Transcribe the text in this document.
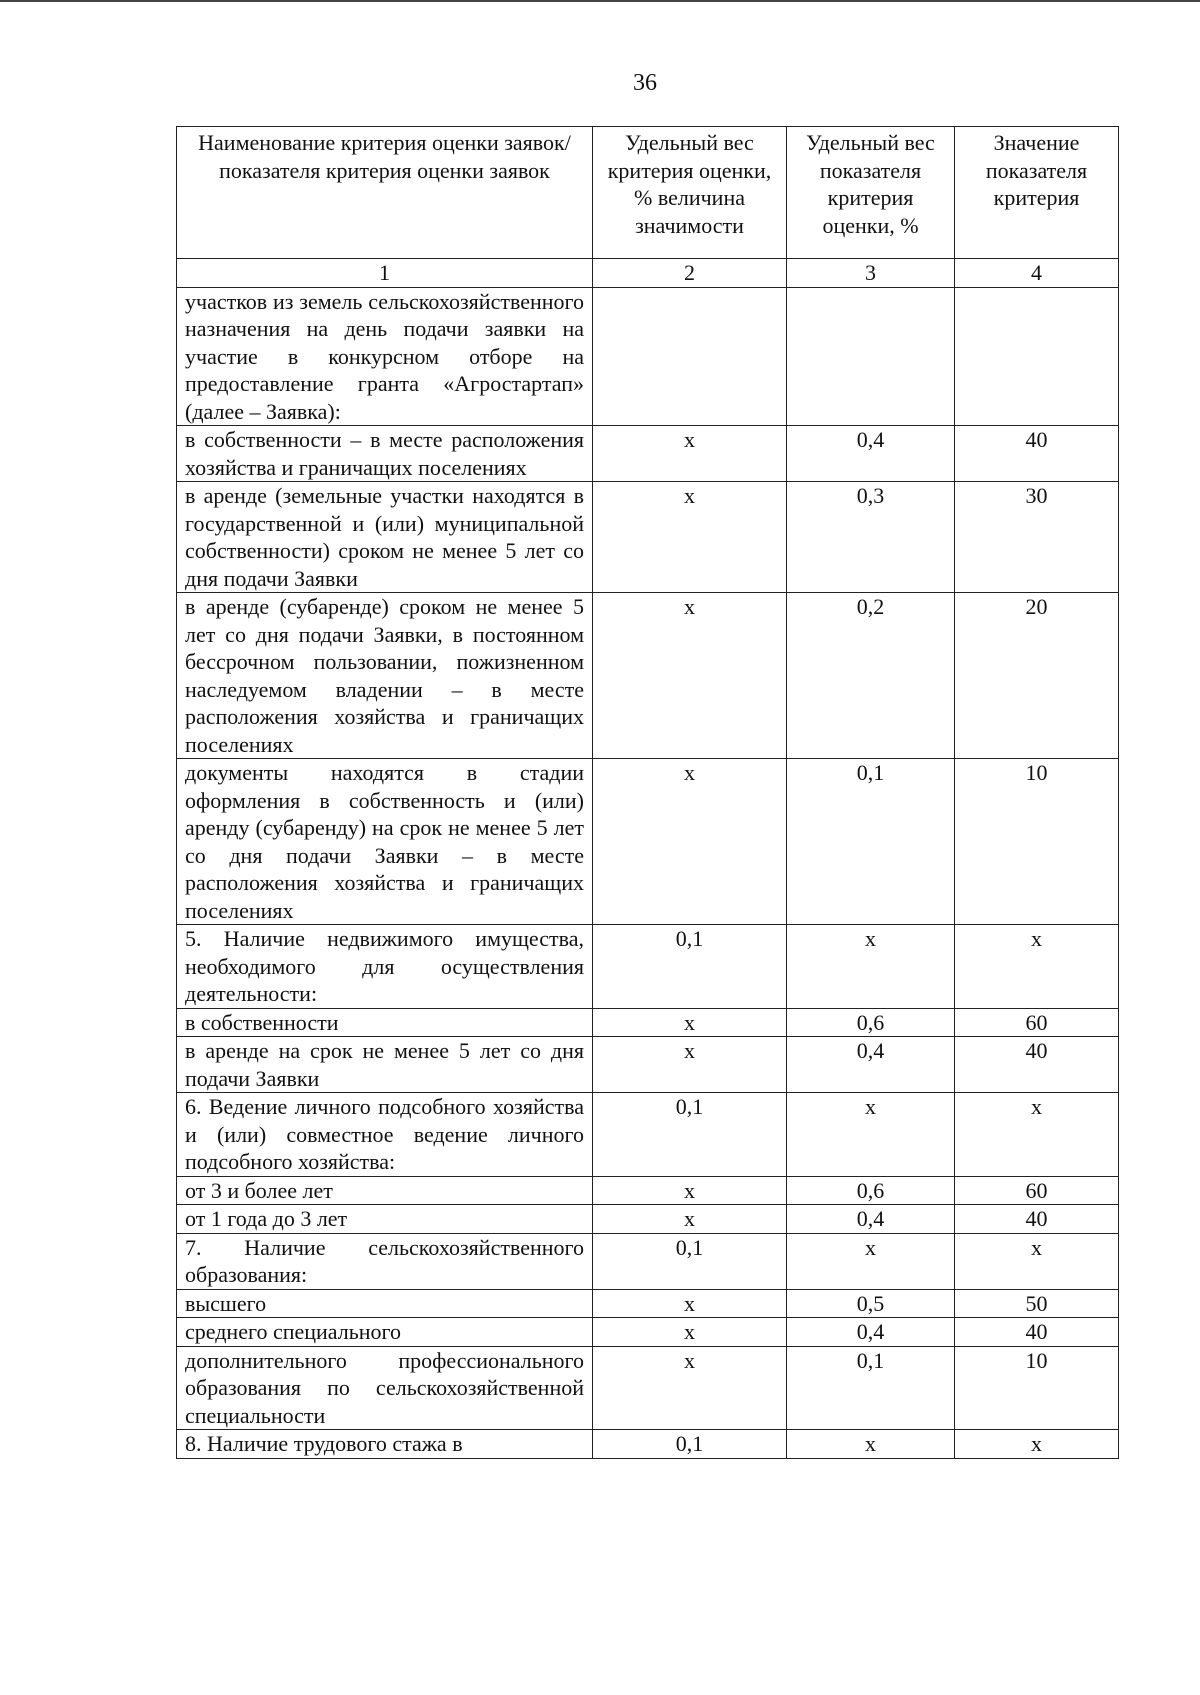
36
Наименование критерия оценки заявок/показателя критерия оценки заявок	Удельный вес критерия оценки, % величина значимости	Удельный вес показателя критерия оценки, %	Значение показателя критерия
1	2	3	4
участков из земель сельскохозяйственного назначения на день подачи заявки на участие в конкурсном отборе на предоставление гранта «Агростартап» (далее – Заявка):			
в собственности – в месте расположения хозяйства и граничащих поселениях	х	0,4	40
в аренде (земельные участки находятся в государственной и (или) муниципальной собственности) сроком не менее 5 лет со дня подачи Заявки	х	0,3	30
в аренде (субаренде) сроком не менее 5 лет со дня подачи Заявки, в постоянном бессрочном пользовании, пожизненном наследуемом владении – в месте расположения хозяйства и граничащих поселениях	х	0,2	20
документы находятся в стадии оформления в собственность и (или) аренду (субаренду) на срок не менее 5 лет со дня подачи Заявки – в месте расположения хозяйства и граничащих поселениях	х	0,1	10
5. Наличие недвижимого имущества, необходимого для осуществления деятельности:	0,1	х	х
в собственности	х	0,6	60
в аренде на срок не менее 5 лет со дня подачи Заявки	х	0,4	40
6. Ведение личного подсобного хозяйства и (или) совместное ведение личного подсобного хозяйства:	0,1	х	х
от 3 и более лет	х	0,6	60
от 1 года до 3 лет	х	0,4	40
7. Наличие сельскохозяйственного образования:	0,1	х	х
высшего	х	0,5	50
среднего специального	х	0,4	40
дополнительного профессионального образования по сельскохозяйственной специальности	х	0,1	10
8. Наличие трудового стажа в	0,1	х	х
